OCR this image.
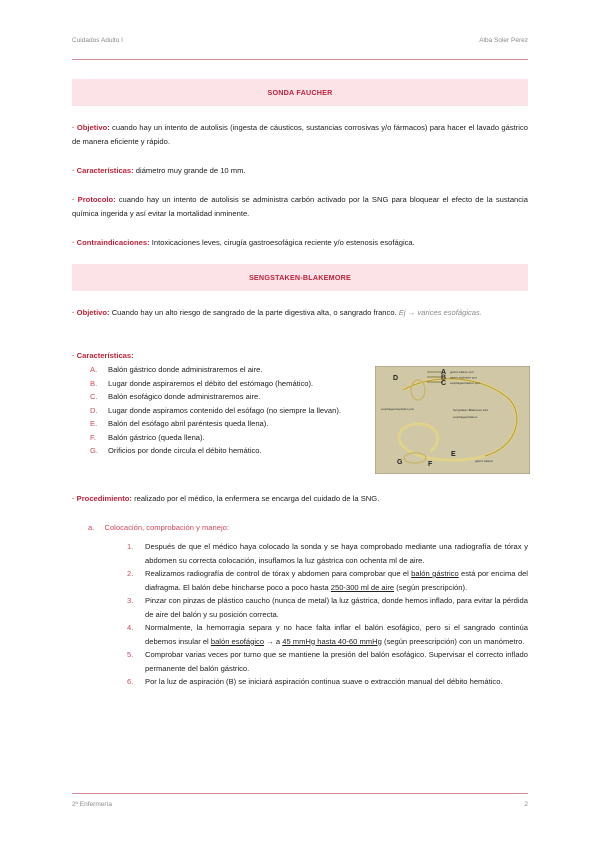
Cuidados Adulto I	Alba Soler Pérez
SONDA FAUCHER
· Objetivo: cuando hay un intento de autolisis (ingesta de cáusticos, sustancias corrosivas y/o fármacos) para hacer el lavado gástrico de manera eficiente y rápido.
· Características: diámetro muy grande de 10 mm.
· Protocolo: cuando hay un intento de autolisis se administra carbón activado por la SNG para bloquear el efecto de la sustancia química ingerida y así evitar la mortalidad inminente.
· Contraindicaciones: Intoxicaciones leves, cirugía gastroesofágica reciente y/o estenosis esofágica.
SENGSTAKEN-BLAKEMORE
· Objetivo: Cuando hay un alto riesgo de sangrado de la parte digestiva alta, o sangrado franco. Ej → varices esofágicas.
· Características:
A. Balón gástrico donde administraremos el aire.
B. Lugar donde aspiraremos el débito del estómago (hemático).
C. Balón esofágico donde administraremos aire.
D. Lugar donde aspiramos contenido del esófago (no siempre la llevan).
E. Balón del esófago abril paréntesis queda llena).
F. Balón gástrico (queda llena).
G. Orificios por donde circula el débito hemático.
A
B
C
D
E
F
G
gastric balloon port
gastric aspiration port
esophageal balloon port
esophageal aspiration port	Sengstaken-Blakemore tube
esophageal balloon
gastric balloon
· Procedimiento: realizado por el médico, la enfermera se encarga del cuidado de la SNG.
a. Colocación, comprobación y manejo:
1. Después de que el médico haya colocado la sonda y se haya comprobado mediante una radiografía de tórax y abdomen su correcta colocación, insuflamos la luz gástrica con ochenta ml de aire.
2. Realizamos radiografía de control de tórax y abdomen para comprobar que el balón gástrico está por encima del diafragma. El balón debe hincharse poco a poco hasta 250-300 ml de aire (según prescripción).
3. Pinzar con pinzas de plástico caucho (nunca de metal) la luz gástrica, donde hemos inflado, para evitar la pérdida de aire del balón y su posición correcta.
4. Normalmente, la hemorragia separa y no hace falta inflar el balón esofágico, pero si el sangrado continúa debemos insular el balón esofágico → a 45 mmHg hasta 40-60 mmHg (según preescripción) con un manómetro.
5. Comprobar varias veces por turno que se mantiene la presión del balón esofágico. Supervisar el correcto inflado permanente del balón gástrico.
6. Por la luz de aspiración (B) se iniciará aspiración continua suave o extracción manual del débito hemático.
2º Enfermería	2
